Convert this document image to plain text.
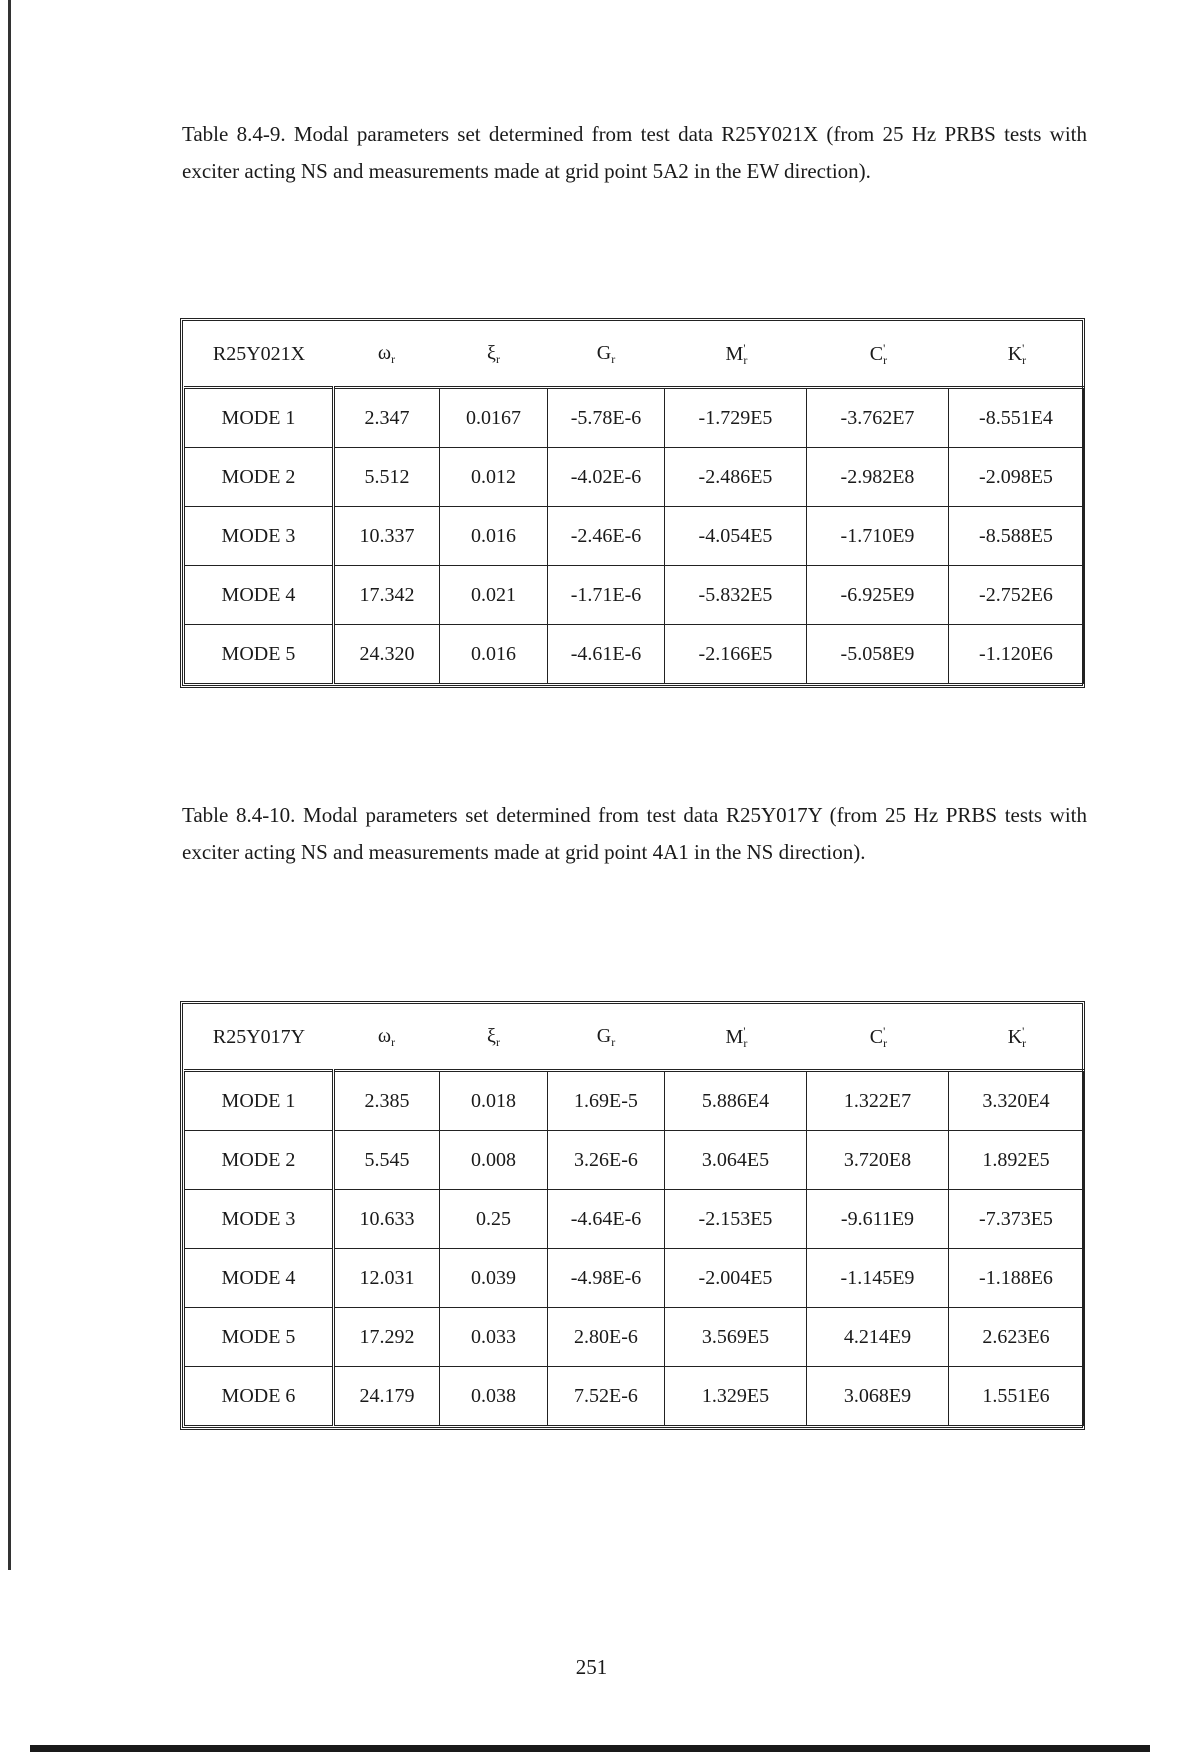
Table 8.4-9. Modal parameters set determined from test data R25Y021X (from 25 Hz PRBS tests with exciter acting NS and measurements made at grid point 5A2 in the EW direction).

R25Y021X	$\omega_r$	$\xi_r$	$G_r$	$M_r'$	$C_r'$	$K_r'$
MODE 1	2.347	0.0167	-5.78E-6	-1.729E5	-3.762E7	-8.551E4
MODE 2	5.512	0.012	-4.02E-6	-2.486E5	-2.982E8	-2.098E5
MODE 3	10.337	0.016	-2.46E-6	-4.054E5	-1.710E9	-8.588E5
MODE 4	17.342	0.021	-1.71E-6	-5.832E5	-6.925E9	-2.752E6
MODE 5	24.320	0.016	-4.61E-6	-2.166E5	-5.058E9	-1.120E6

Table 8.4-10. Modal parameters set determined from test data R25Y017Y (from 25 Hz PRBS tests with exciter acting NS and measurements made at grid point 4A1 in the NS direction).

R25Y017Y	$\omega_r$	$\xi_r$	$G_r$	$M_r'$	$C_r'$	$K_r'$
MODE 1	2.385	0.018	1.69E-5	5.886E4	1.322E7	3.320E4
MODE 2	5.545	0.008	3.26E-6	3.064E5	3.720E8	1.892E5
MODE 3	10.633	0.25	-4.64E-6	-2.153E5	-9.611E9	-7.373E5
MODE 4	12.031	0.039	-4.98E-6	-2.004E5	-1.145E9	-1.188E6
MODE 5	17.292	0.033	2.80E-6	3.569E5	4.214E9	2.623E6
MODE 6	24.179	0.038	7.52E-6	1.329E5	3.068E9	1.551E6
251
